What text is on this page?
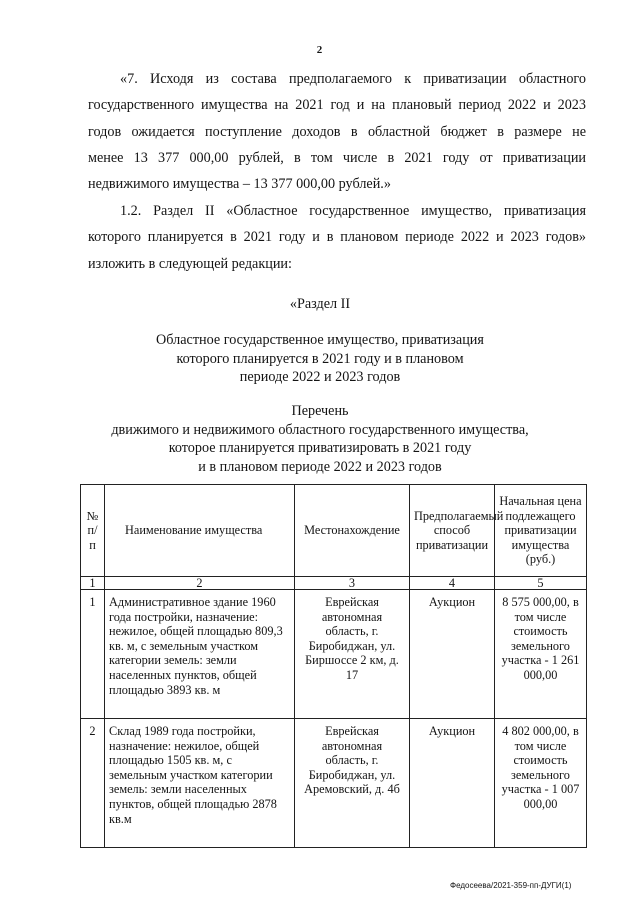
2
«7. Исходя из состава предполагаемого к приватизации областного
государственного имущества на 2021 год и на плановый период 2022 и 2023
годов ожидается поступление доходов в областной бюджет в размере не
менее 13 377 000,00 рублей, в том числе в 2021 году от приватизации
недвижимого имущества – 13 377 000,00 рублей.»
1.2. Раздел II «Областное государственное имущество, приватизация
которого планируется в 2021 году и в плановом периоде 2022 и 2023 годов»
изложить в следующей редакции:
«Раздел II
Областное государственное имущество, приватизация
которого планируется в 2021 году и в плановом
периоде 2022 и 2023 годов
Перечень
движимого и недвижимого областного государственного имущества,
которое планируется приватизировать в 2021 году
и в плановом периоде 2022 и 2023 годов
№ п/п	Наименование имущества	Местонахождение	Предполагаемый способ приватизации	Начальная цена подлежащего приватизации имущества (руб.)
1	2	3	4	5
1	Административное здание 1960 года постройки, назначение: нежилое, общей площадью 809,3 кв. м, с земельным участком категории земель: земли населенных пунктов, общей площадью 3893 кв. м	Еврейская автономная область, г. Биробиджан, ул. Биршоссе 2 км, д. 17	Аукцион	8 575 000,00, в том числе стоимость земельного участка - 1 261 000,00
2	Склад 1989 года постройки, назначение: нежилое, общей площадью 1505 кв. м, с земельным участком категории земель: земли населенных пунктов, общей площадью 2878 кв.м	Еврейская автономная область, г. Биробиджан, ул. Аремовский, д. 4б	Аукцион	4 802 000,00, в том числе стоимость земельного участка - 1 007 000,00
Федосеева/2021-359-пп-ДУГИ(1)
